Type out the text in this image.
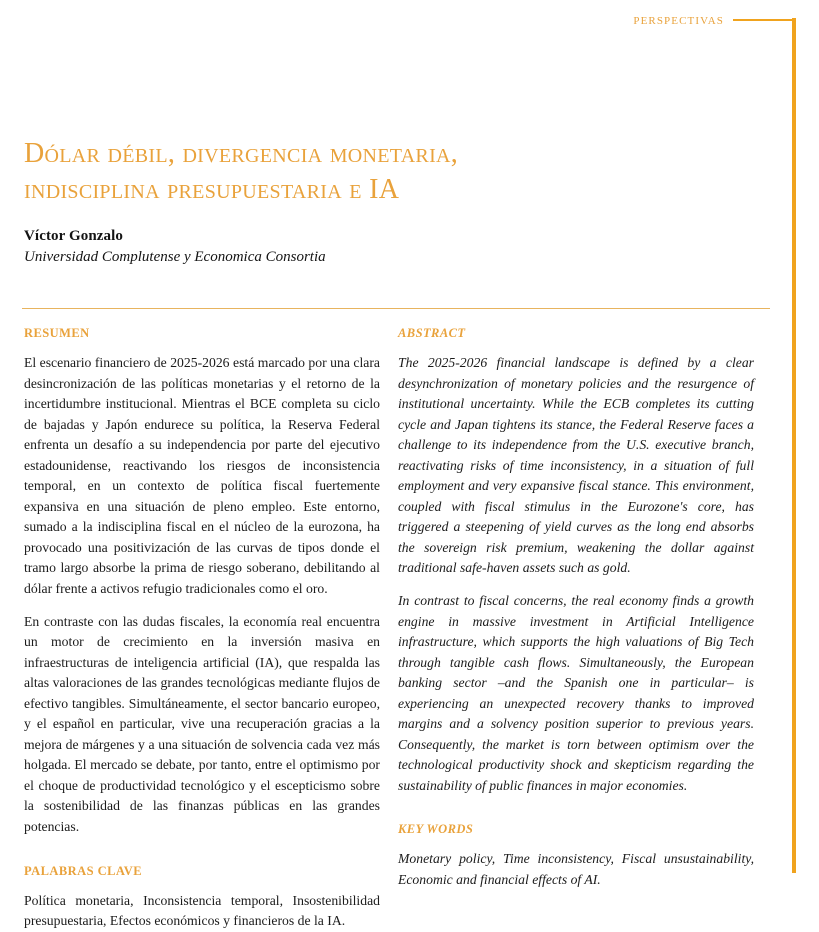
perspectivas
Dólar débil, divergencia monetaria,
indisciplina presupuestaria e IA

Víctor Gonzalo

Universidad Complutense y Economica Consortia

RESUMEN

El escenario financiero de 2025-2026 está marcado por una clara desincronización de las políticas monetarias y el retorno de la incertidumbre institucional. Mientras el BCE completa su ciclo de bajadas y Japón endurece su política, la Reserva Federal enfrenta un desafío a su independencia por parte del ejecutivo estadounidense, reactivando los riesgos de inconsistencia temporal, en un contexto de política fiscal fuertemente expansiva en una situación de pleno empleo. Este entorno, sumado a la indisciplina fiscal en el núcleo de la eurozona, ha provocado una positivización de las curvas de tipos donde el tramo largo absorbe la prima de riesgo soberano, debilitando al dólar frente a activos refugio tradicionales como el oro.

En contraste con las dudas fiscales, la economía real encuentra un motor de crecimiento en la inversión masiva en infraestructuras de inteligencia artificial (IA), que respalda las altas valoraciones de las grandes tecnológicas mediante flujos de efectivo tangibles. Simultáneamente, el sector bancario europeo, y el español en particular, vive una recuperación gracias a la mejora de márgenes y a una situación de solvencia cada vez más holgada. El mercado se debate, por tanto, entre el optimismo por el choque de productividad tecnológico y el escepticismo sobre la sostenibilidad de las finanzas públicas en las grandes potencias.

PALABRAS CLAVE

Política monetaria, Inconsistencia temporal, Insostenibilidad presupuestaria, Efectos económicos y financieros de la IA.

ABSTRACT

The 2025-2026 financial landscape is defined by a clear desynchronization of monetary policies and the resurgence of institutional uncertainty. While the ECB completes its cutting cycle and Japan tightens its stance, the Federal Reserve faces a challenge to its independence from the U.S. executive branch, reactivating risks of time inconsistency, in a situation of full employment and very expansive fiscal stance. This environment, coupled with fiscal stimulus in the Eurozone's core, has triggered a steepening of yield curves as the long end absorbs the sovereign risk premium, weakening the dollar against traditional safe-haven assets such as gold.

In contrast to fiscal concerns, the real economy finds a growth engine in massive investment in Artificial Intelligence infrastructure, which supports the high valuations of Big Tech through tangible cash flows. Simultaneously, the European banking sector –and the Spanish one in particular– is experiencing an unexpected recovery thanks to improved margins and a solvency position superior to previous years. Consequently, the market is torn between optimism over the technological productivity shock and skepticism regarding the sustainability of public finances in major economies.

KEY WORDS

Monetary policy, Time inconsistency, Fiscal unsustainability, Economic and financial effects of AI.
